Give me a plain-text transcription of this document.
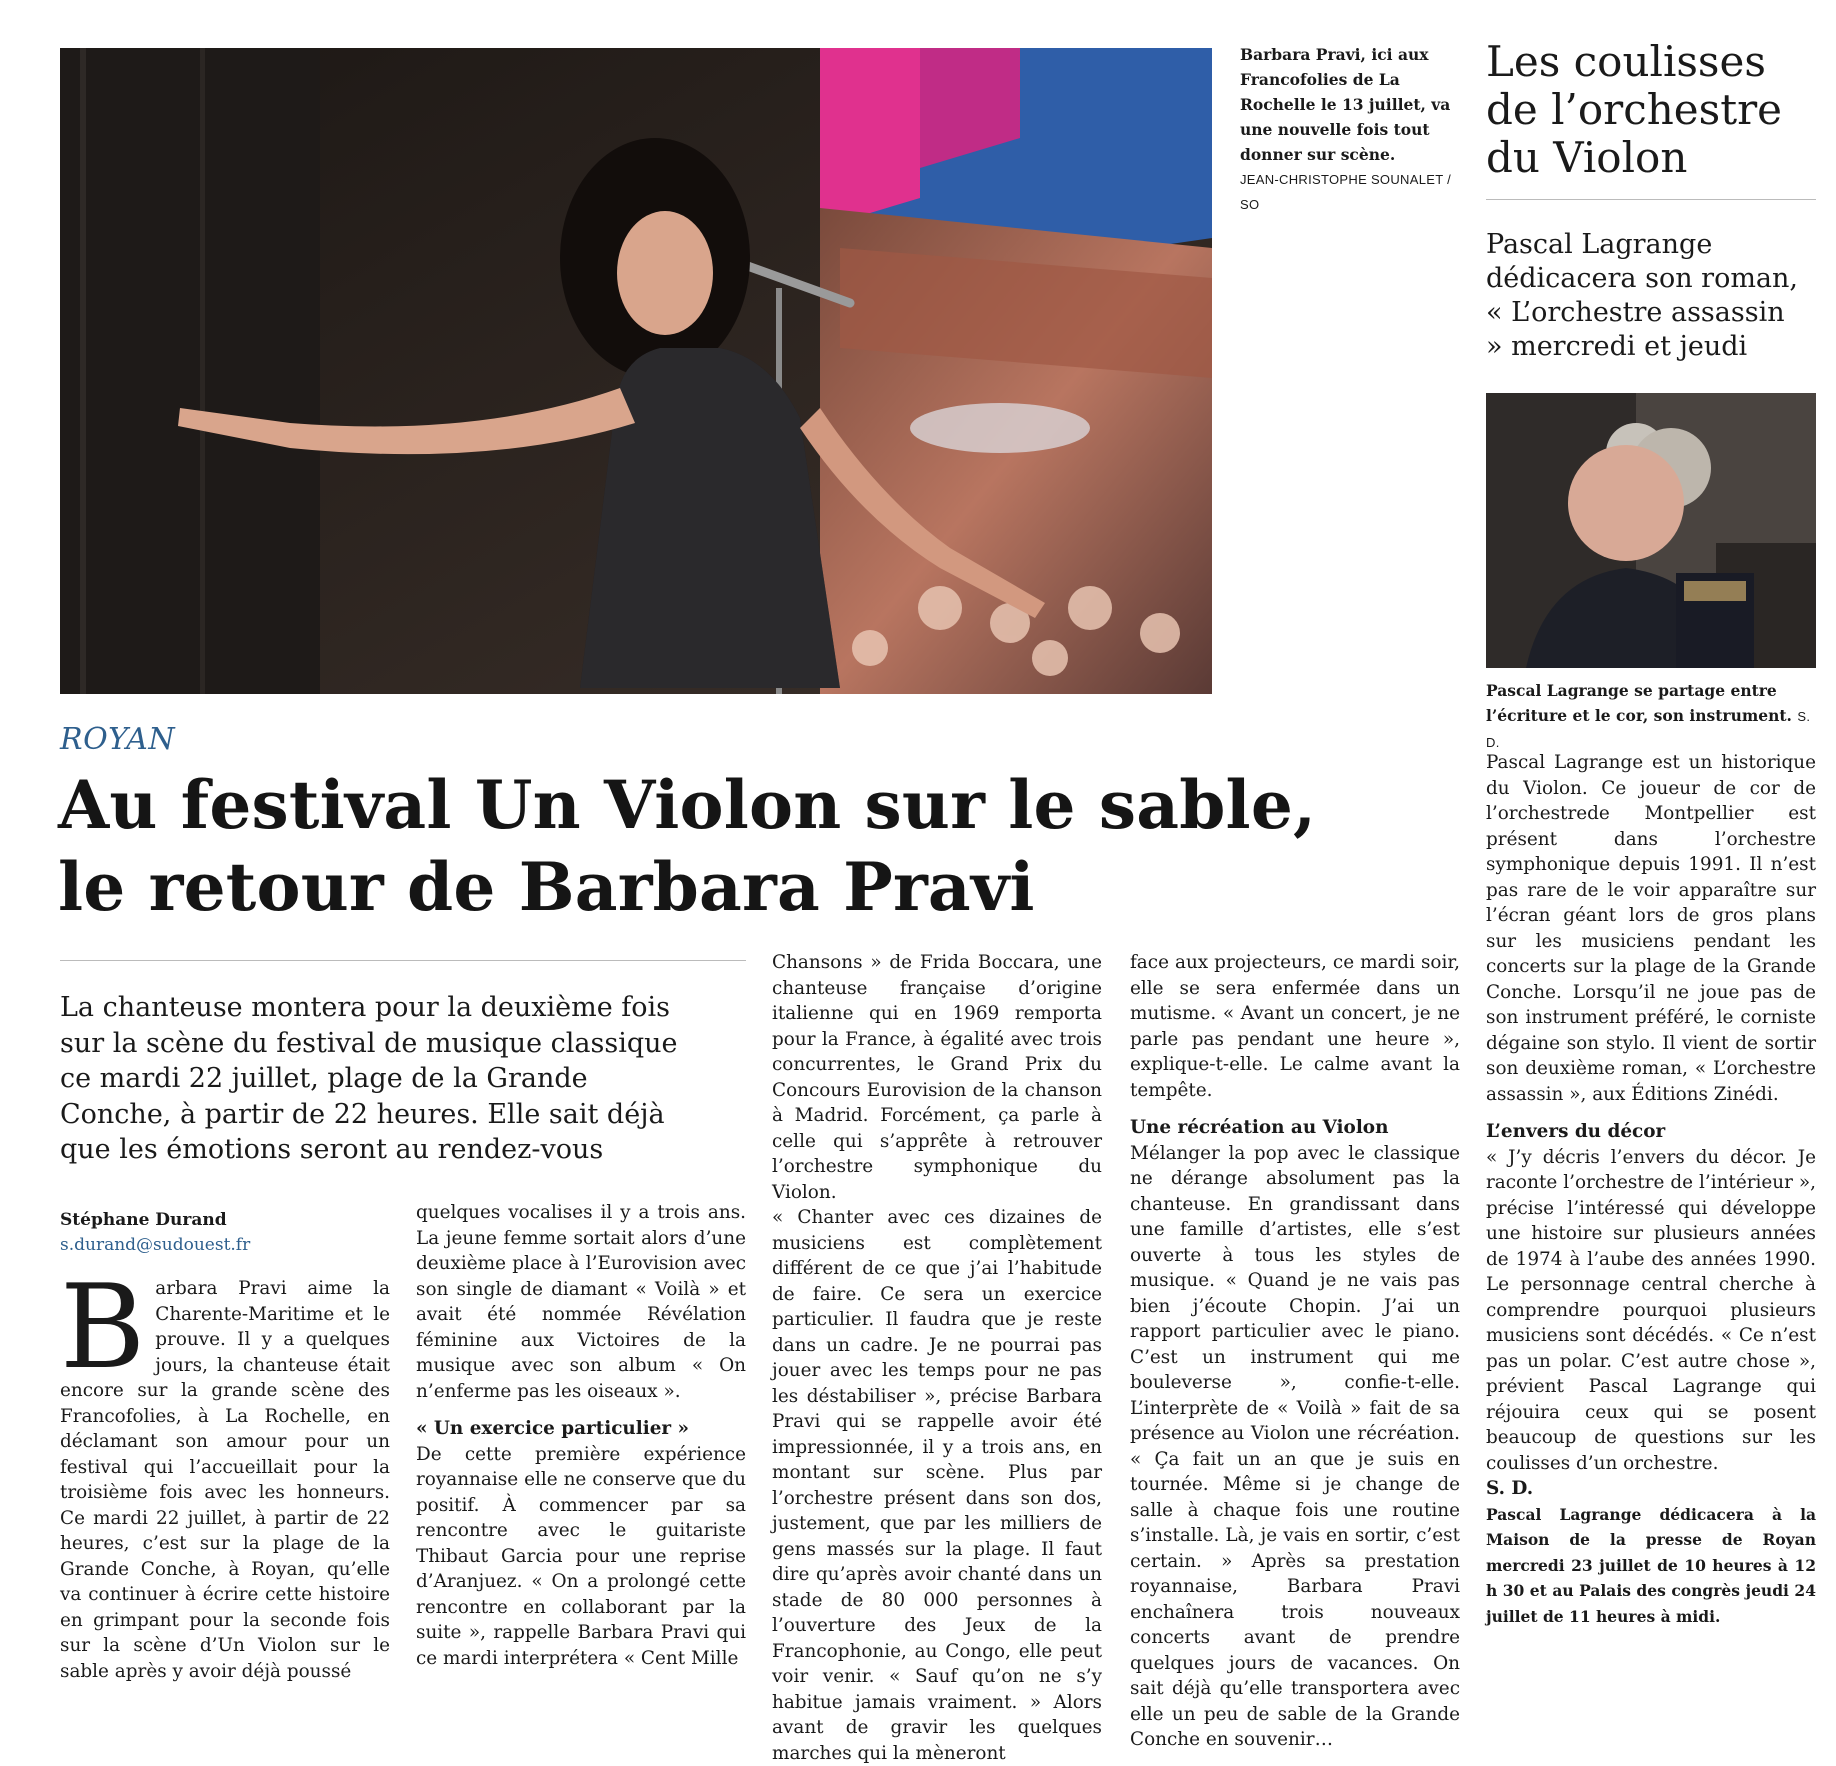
Barbara Pravi, ici aux Francofolies de La Rochelle le 13 juillet, va une nouvelle fois tout donner sur scène.
JEAN-CHRISTOPHE SOUNALET / SO
Les coulisses de l’orchestre du Violon
Pascal Lagrange dédicacera son roman, « L’orchestre assassin » mercredi et jeudi
Pascal Lagrange se partage entre l’écriture et le cor, son instrument. S. D.
ROYAN
Au festival Un Violon sur le sable, le retour de Barbara Pravi
La chanteuse montera pour la deuxième fois sur la scène du festival de musique classique ce mardi 22 juillet, plage de la Grande Conche, à partir de 22 heures. Elle sait déjà que les émotions seront au rendez-vous
Stéphane Durand
s.durand@sudouest.fr

B arbara Pravi aime la Charente-Maritime et le prouve. Il y a quelques jours, la chanteuse était encore sur la grande scène des Francofolies, à La Rochelle, en déclamant son amour pour un festival qui l’accueillait pour la troisième fois avec les honneurs. Ce mardi 22 juillet, à partir de 22 heures, c’est sur la plage de la Grande Conche, à Royan, qu’elle va continuer à écrire cette histoire en grimpant pour la seconde fois sur la scène d’Un Violon sur le sable après y avoir déjà poussé

quelques vocalises il y a trois ans. La jeune femme sortait alors d’une deuxième place à l’Eurovision avec son single de diamant « Voilà » et avait été nommée Révélation féminine aux Victoires de la musique avec son album « On n’enferme pas les oiseaux ».

« Un exercice particulier »

De cette première expérience royannaise elle ne conserve que du positif. À commencer par sa rencontre avec le guitariste Thibaut Garcia pour une reprise d’Aranjuez. « On a prolongé cette rencontre en collaborant par la suite », rappelle Barbara Pravi qui ce mardi interprétera « Cent Mille

Chansons » de Frida Boccara, une chanteuse française d’origine italienne qui en 1969 remporta pour la France, à égalité avec trois concurrentes, le Grand Prix du Concours Eurovision de la chanson à Madrid. Forcément, ça parle à celle qui s’apprête à retrouver l’orchestre symphonique du Violon.

« Chanter avec ces dizaines de musiciens est complètement différent de ce que j’ai l’habitude de faire. Ce sera un exercice particulier. Il faudra que je reste dans un cadre. Je ne pourrai pas jouer avec les temps pour ne pas les déstabiliser », précise Barbara Pravi qui se rappelle avoir été impressionnée, il y a trois ans, en montant sur scène. Plus par l’orchestre présent dans son dos, justement, que par les milliers de gens massés sur la plage. Il faut dire qu’après avoir chanté dans un stade de 80 000 personnes à l’ouverture des Jeux de la Francophonie, au Congo, elle peut voir venir. « Sauf qu’on ne s’y habitue jamais vraiment. » Alors avant de gravir les quelques marches qui la mèneront

face aux projecteurs, ce mardi soir, elle se sera enfermée dans un mutisme. « Avant un concert, je ne parle pas pendant une heure », explique-t-elle. Le calme avant la tempête.

Une récréation au Violon

Mélanger la pop avec le classique ne dérange absolument pas la chanteuse. En grandissant dans une famille d’artistes, elle s’est ouverte à tous les styles de musique. « Quand je ne vais pas bien j’écoute Chopin. J’ai un rapport particulier avec le piano. C’est un instrument qui me bouleverse », confie-t-elle. L’interprète de « Voilà » fait de sa présence au Violon une récréation. « Ça fait un an que je suis en tournée. Même si je change de salle à chaque fois une routine s’installe. Là, je vais en sortir, c’est certain. » Après sa prestation royannaise, Barbara Pravi enchaînera trois nouveaux concerts avant de prendre quelques jours de vacances. On sait déjà qu’elle transportera avec elle un peu de sable de la Grande Conche en souvenir…

Pascal Lagrange est un historique du Violon. Ce joueur de cor de l’orchestrede Montpellier est présent dans l’orchestre symphonique depuis 1991. Il n’est pas rare de le voir apparaître sur l’écran géant lors de gros plans sur les musiciens pendant les concerts sur la plage de la Grande Conche. Lorsqu’il ne joue pas de son instrument préféré, le corniste dégaine son stylo. Il vient de sortir son deuxième roman, « L’orchestre assassin », aux Éditions Zinédi.

L’envers du décor

« J’y décris l’envers du décor. Je raconte l’orchestre de l’intérieur », précise l’intéressé qui développe une histoire sur plusieurs années de 1974 à l’aube des années 1990. Le personnage central cherche à comprendre pourquoi plusieurs musiciens sont décédés. « Ce n’est pas un polar. C’est autre chose », prévient Pascal Lagrange qui réjouira ceux qui se posent beaucoup de questions sur les coulisses d’un orchestre.

S. D.

Pascal Lagrange dédicacera à la Maison de la presse de Royan mercredi 23 juillet de 10 heures à 12 h 30 et au Palais des congrès jeudi 24 juillet de 11 heures à midi.
